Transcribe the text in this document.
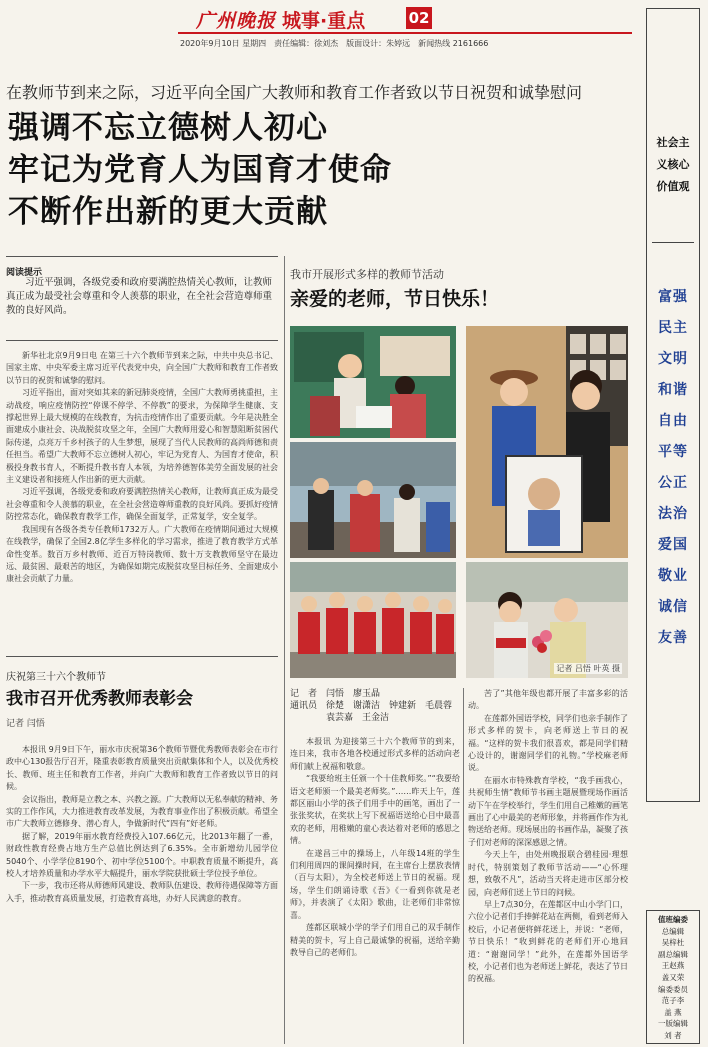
广州晚报 城事·重点	02
2020年9月10日 星期四　责任编辑：徐刘杰　版面设计：朱婷远　新闻热线 2161666
在教师节到来之际，习近平向全国广大教师和教育工作者致以节日祝贺和诚挚慰问
强调不忘立德树人初心
牢记为党育人为国育才使命
不断作出新的更大贡献
阅读提示
习近平强调，各级党委和政府要满腔热情关心教师，让教师真正成为最受社会尊重和令人羡慕的职业，在全社会营造尊师重教的良好风尚。

新华社北京9月9日电 在第三十六个教师节到来之际，中共中央总书记、国家主席、中央军委主席习近平代表党中央，向全国广大教师和教育工作者致以节日的祝贺和诚挚的慰问。

习近平指出，面对突如其来的新冠肺炎疫情，全国广大教师勇挑重担，主动战疫，响应疫情防控“停课不停学、不停教”的要求，为保障学生健康、支撑起世界上最大规模的在线教育，为抗击疫情作出了重要贡献。今年是决胜全面建成小康社会、决战脱贫攻坚之年，全国广大教师用爱心和智慧阻断贫困代际传递，点亮万千乡村孩子的人生梦想，展现了当代人民教师的高尚师德和责任担当。希望广大教师不忘立德树人初心，牢记为党育人、为国育才使命，积极投身教书育人，不断提升教书育人本领，为培养德智体美劳全面发展的社会主义建设者和接班人作出新的更大贡献。

习近平强调，各级党委和政府要满腔热情关心教师，让教师真正成为最受社会尊重和令人羡慕的职业，在全社会营造尊师重教的良好风尚。要抓好疫情防控常态化，确保教育教学工作，确保全面复学，正常复学，安全复学。

我国现有各级各类专任教师1732万人。广大教师在疫情期间通过大规模在线教学，确保了全国2.8亿学生多样化的学习需求，推进了教育教学方式革命性变革。数百万乡村教师、近百万特岗教师、数十万支教教师坚守在最边远、最贫困、最艰苦的地区，为确保如期完成脱贫攻坚目标任务、全面建成小康社会贡献了力量。

庆祝第三十六个教师节
我市召开优秀教师表彰会
记者 闫悟

本报讯 9月9日下午，丽水市庆祝第36个教师节暨优秀教师表彰会在市行政中心130报告厅召开，隆重表彰教育质量突出贡献集体和个人，以及优秀校长、教师、班主任和教育工作者，并向广大教师和教育工作者致以节日的问候。

会议指出，教师是立教之本、兴教之源。广大教师以无私奉献的精神、务实的工作作风，大力推进教育改革发展，为教育事业作出了积极贡献。希望全市广大教师立德修身、潜心育人，争做新时代“四有”好老师。

据了解，2019年丽水教育经费投入107.66亿元，比2013年翻了一番，财政性教育经费占地方生产总值比例达到了6.35%。全市新增幼儿园学位5040个、小学学位8190个、初中学位5100个。中职教育质量不断提升，高校人才培养质量和办学水平大幅提升，丽水学院获批硕士学位授予单位。

下一步，我市还将从师德师风建设、教师队伍建设、教师待遇保障等方面入手，推动教育高质量发展，打造教育高地，办好人民满意的教育。

我市开展形式多样的教师节活动
亲爱的老师，节日快乐！
记者 吕悟 叶英 摄
记　者　闫悟　廖玉晶
通讯员　徐楚　谢潇洁　钟建新　毛晨蓉
　　　　袁芸嘉　王金洁

本报讯 为迎接第三十六个教师节的到来，连日来，我市各地各校通过形式多样的活动向老师们献上祝福和敬意。

“我要给班主任颁一个十佳教师奖。”“我要给语文老师颁一个最美老师奖。”……昨天上午，莲都区丽山小学的孩子们用手中的画笔，画出了一张张奖状，在奖状上写下祝福语送给心目中最喜欢的老师，用稚嫩的童心表达着对老师的感恩之情。

在遂昌三中的操场上，八年级14班的学生们利用周四的课间操时间，在主席台上摆放表情（百与太阳），为全校老师送上节日的祝福。现场，学生们朗诵诗歌《吾》《一看到你就是老师》，并表演了《太阳》歌曲，让老师们非常惊喜。

莲都区联城小学的学子们用自己的双手制作精美的贺卡，写上自己最诚挚的祝福，送给辛勤教导自己的老师们。

苦了”其他年级也都开展了丰富多彩的活动。

在莲都外国语学校，同学们也亲手制作了形式多样的贺卡，向老师送上节日的祝福。“这样的贺卡我们很喜欢，都是同学们精心设计的，谢谢同学们的礼物。”学校麻老师说。

在丽水市特殊教育学校，“我手画我心，共祝师生情”教师节书画主题展暨现场作画活动下午在学校举行，学生们用自己稚嫩的画笔画出了心中最美的老师形象，并将画作作为礼物送给老师。现场展出的书画作品，凝聚了孩子们对老师的深深感恩之情。

今天上午，由处州晚报联合碧桂园·理想时代，特别策划了教师节活动——“心怀理想，致敬不凡”，活动当天将走进市区部分校园，向老师们送上节日的问候。

早上7点30分，在莲都区中山小学门口，六位小记者们手捧鲜花站在两侧，看到老师入校后，小记者便将鲜花送上，并说：“老师，节日快乐！”收到鲜花的老师们开心地回道：“谢谢同学！”此外，在莲都外国语学校，小记者们也为老师送上鲜花，表达了节日的祝福。

社会主义核心价值观
富强
民主
文明
和谐
自由
平等
公正
法治
爱国
敬业
诚信
友善
值班编委
总编辑
吴梓杜
副总编辑
王赵燕
盖又荣
编委委员
范子李
盖 燕
一版编辑
刘 者
